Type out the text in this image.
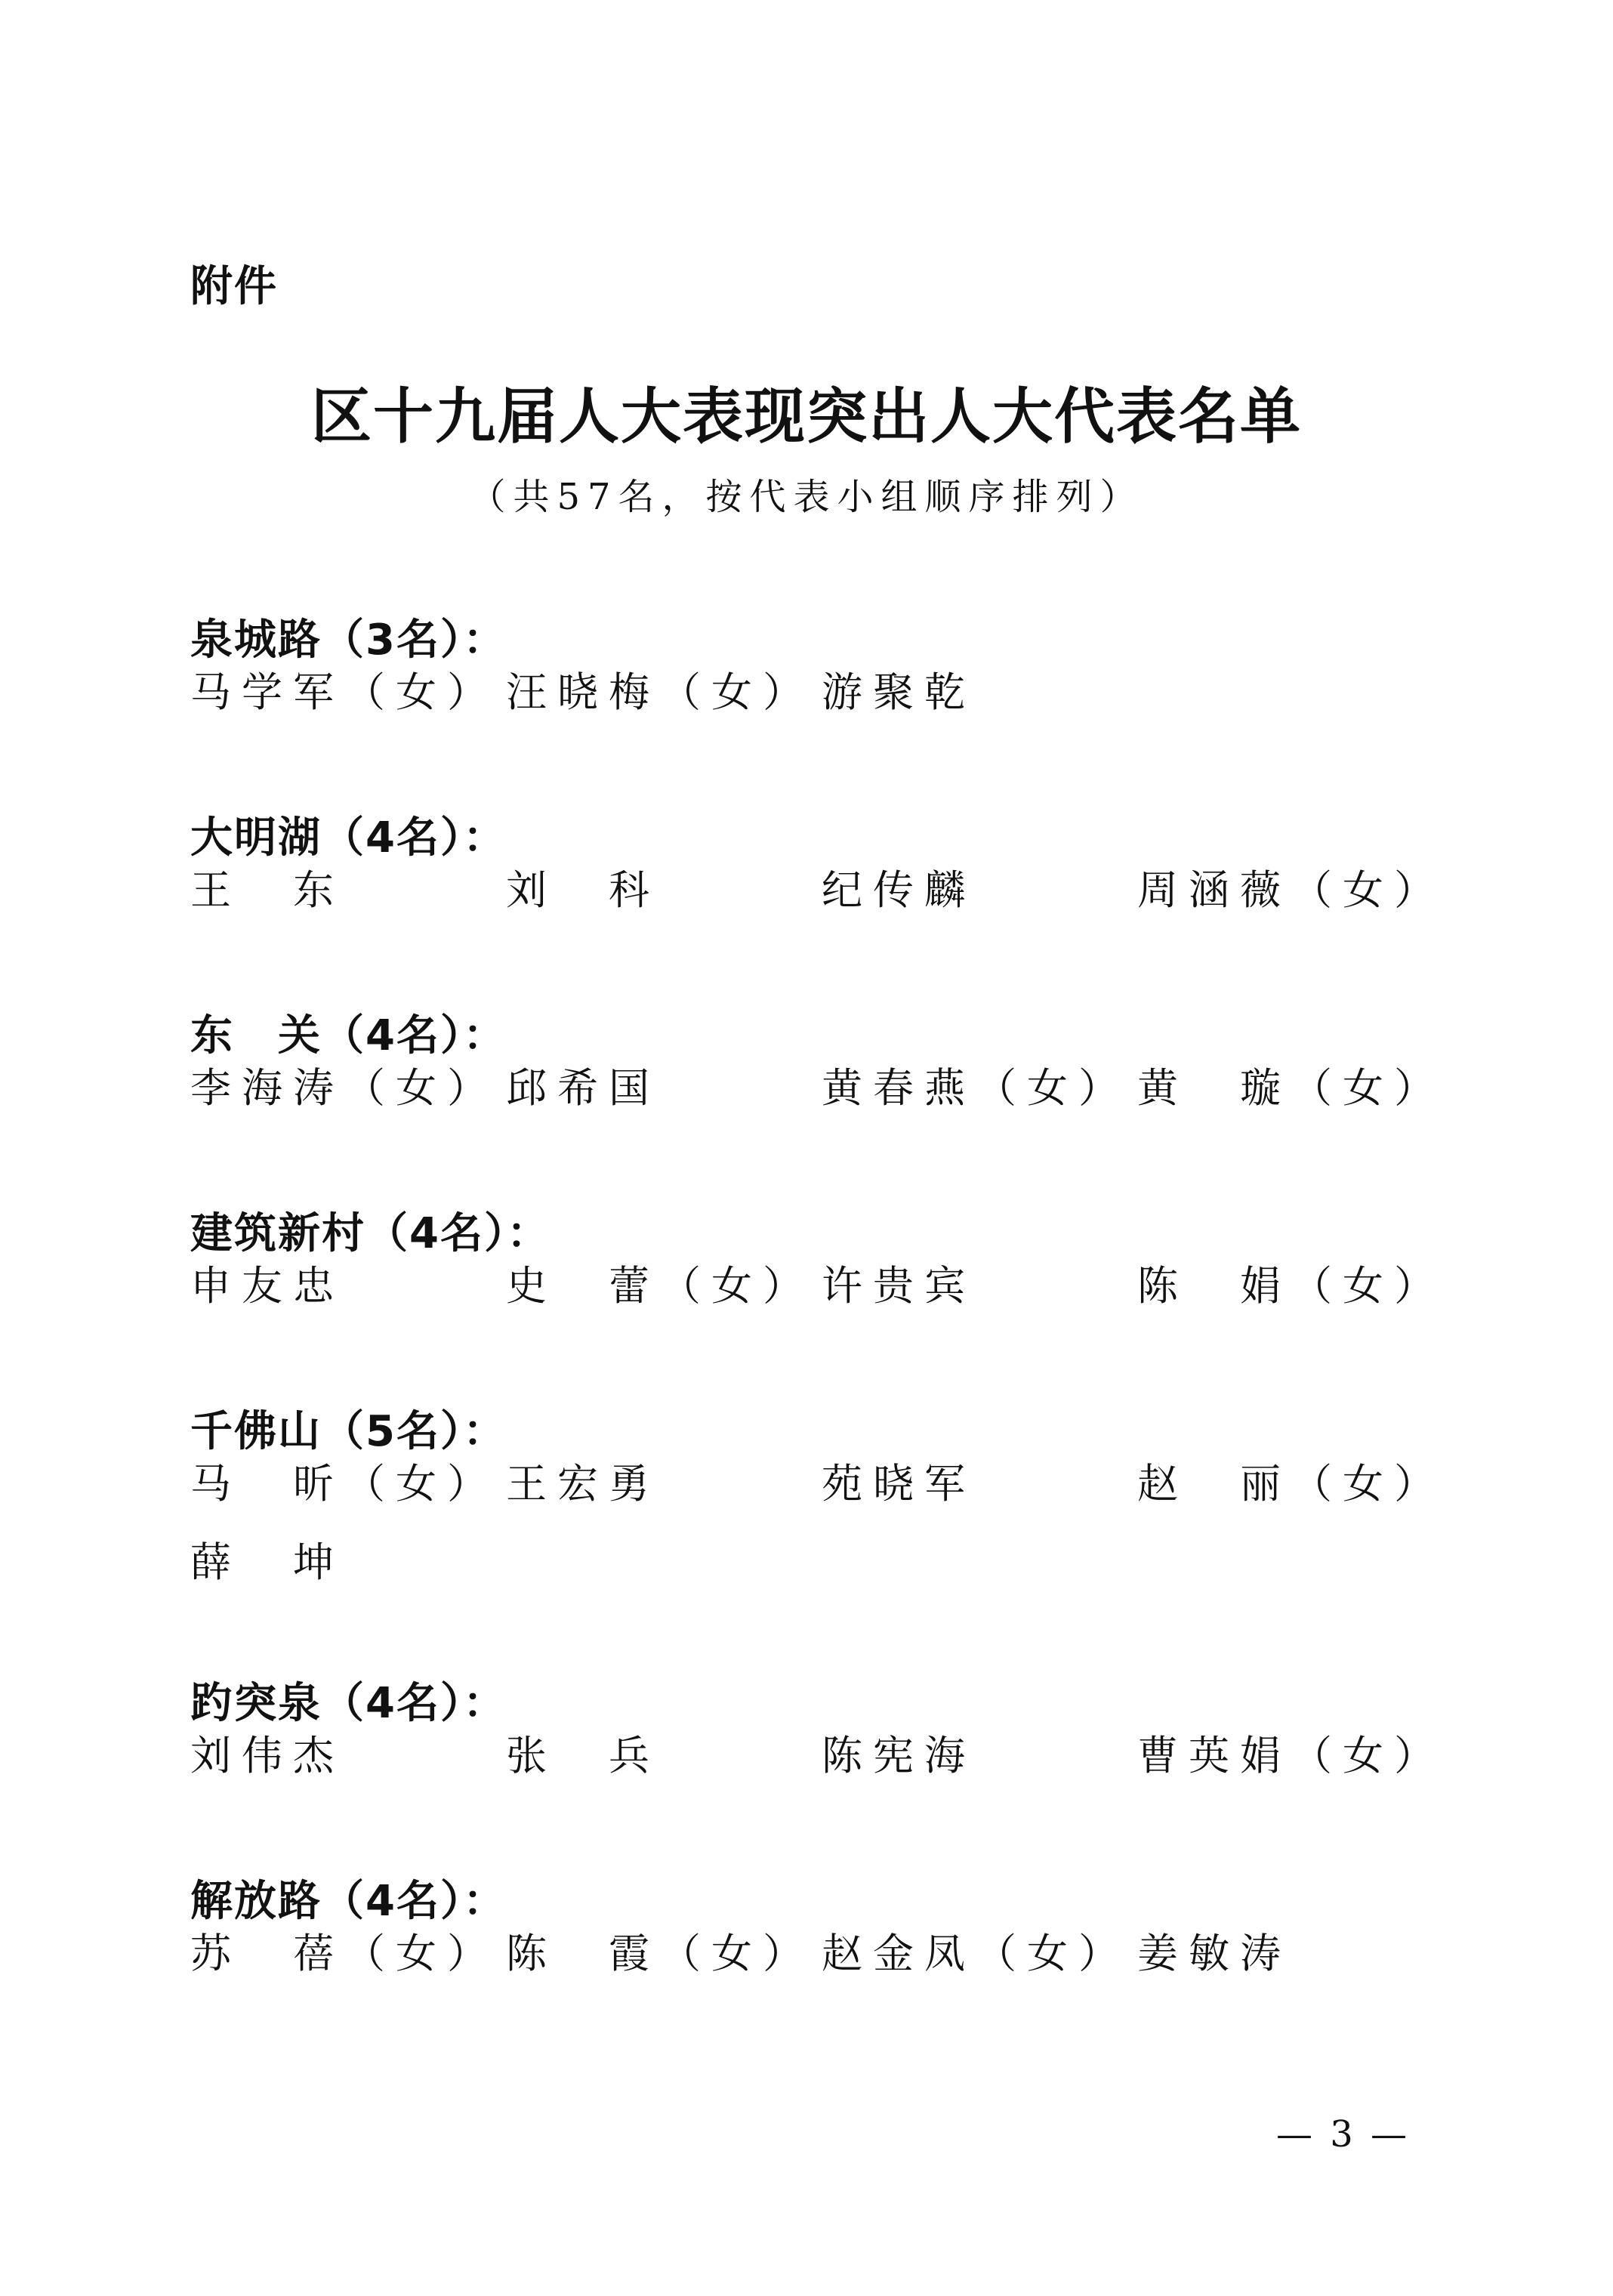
附件
区十九届人大表现突出人大代表名单
（共57名，按代表小组顺序排列）
泉城路（3名）：
马学军（女） 汪晓梅（女） 游聚乾
大明湖（4名）：
王　东	刘　科	纪传麟	周涵薇（女）
东　关（4名）：
李海涛（女） 邱希国	黄春燕（女） 黄　璇（女）
建筑新村（4名）：
申友忠	史　蕾（女） 许贵宾	陈　娟（女）
千佛山（5名）：
马　昕（女） 王宏勇	苑晓军	赵　丽（女）
薛　坤
趵突泉（4名）：
刘伟杰	张　兵	陈宪海	曹英娟（女）
解放路（4名）：
苏　蓓（女） 陈　霞（女） 赵金凤（女） 姜敏涛
— 3 —
